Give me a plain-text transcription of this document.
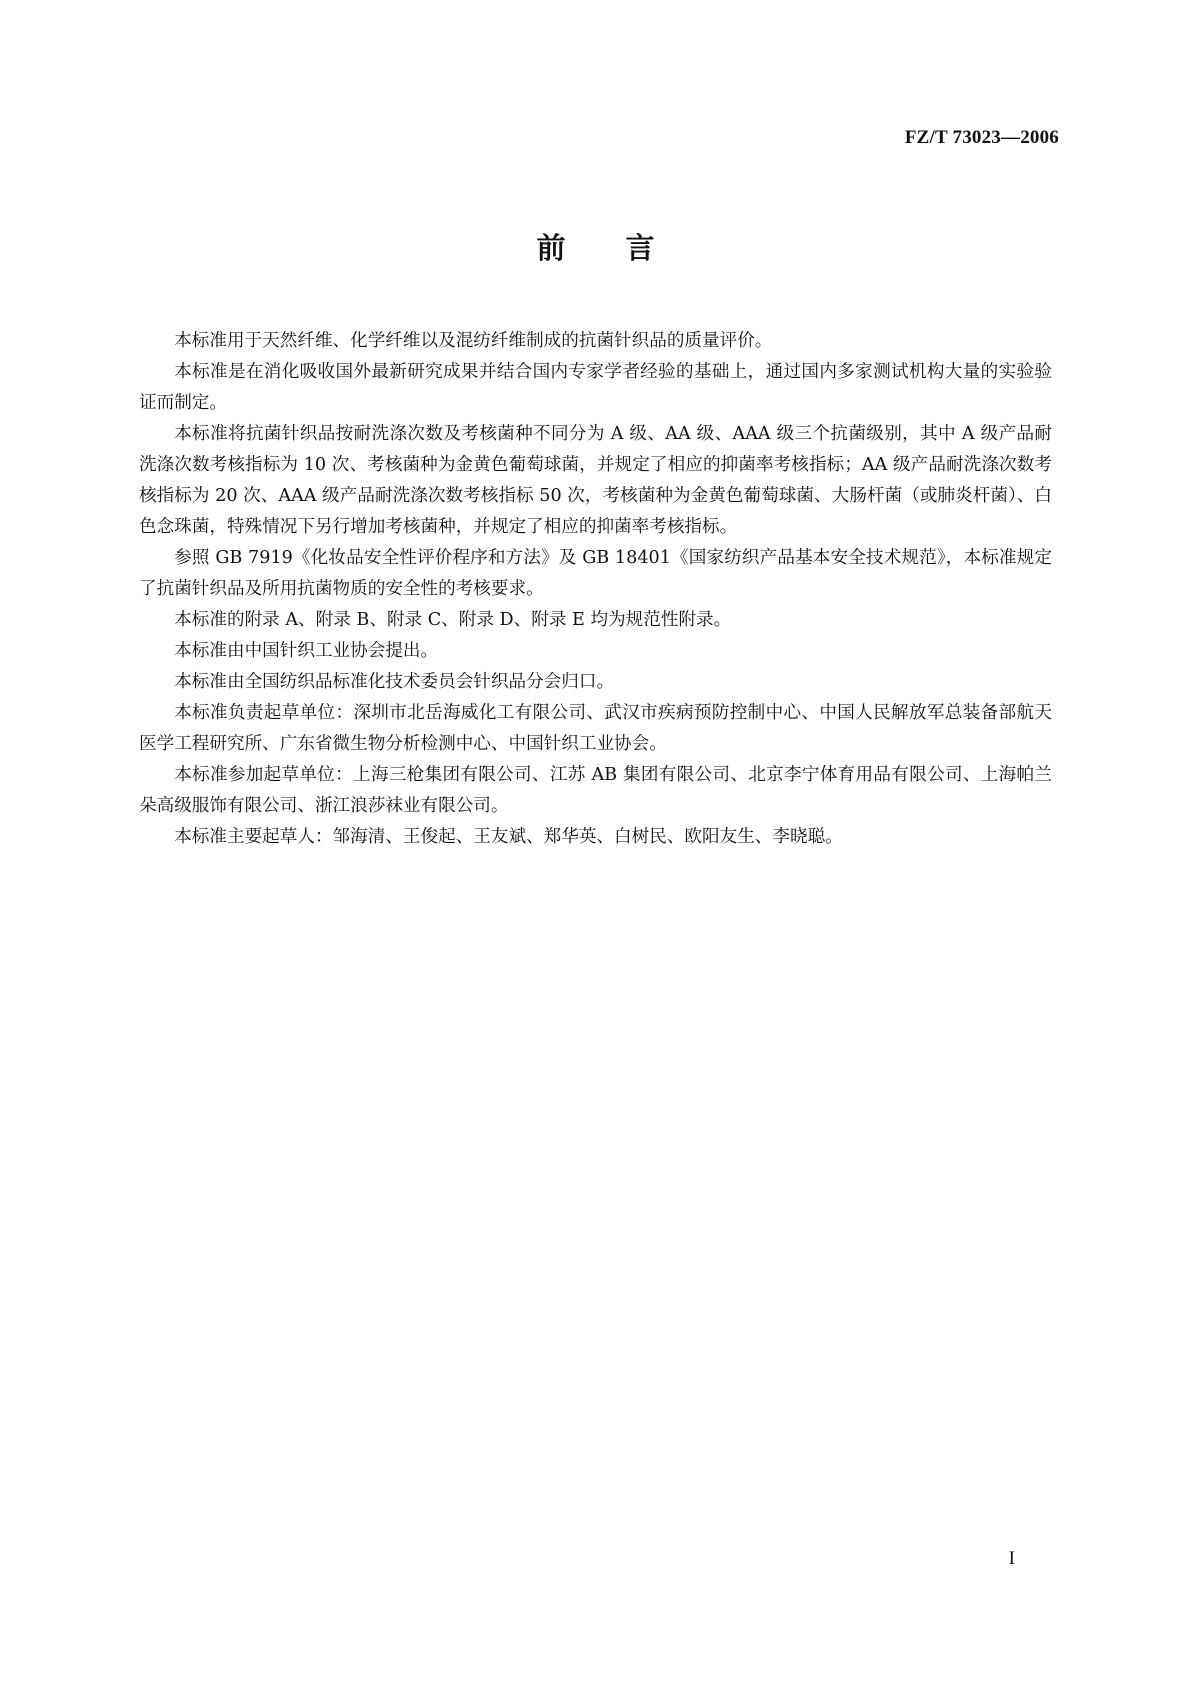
FZ/T 73023—2006
前言

本标准用于天然纤维、化学纤维以及混纺纤维制成的抗菌针织品的质量评价。

本标准是在消化吸收国外最新研究成果并结合国内专家学者经验的基础上，通过国内多家测试机构大量的实验验证而制定。

本标准将抗菌针织品按耐洗涤次数及考核菌种不同分为 A 级、AA 级、AAA 级三个抗菌级别，其中 A 级产品耐洗涤次数考核指标为 10 次、考核菌种为金黄色葡萄球菌，并规定了相应的抑菌率考核指标；AA 级产品耐洗涤次数考核指标为 20 次、AAA 级产品耐洗涤次数考核指标 50 次，考核菌种为金黄色葡萄球菌、大肠杆菌（或肺炎杆菌）、白色念珠菌，特殊情况下另行增加考核菌种，并规定了相应的抑菌率考核指标。

参照 GB 7919《化妆品安全性评价程序和方法》及 GB 18401《国家纺织产品基本安全技术规范》，本标准规定了抗菌针织品及所用抗菌物质的安全性的考核要求。

本标准的附录 A、附录 B、附录 C、附录 D、附录 E 均为规范性附录。

本标准由中国针织工业协会提出。

本标准由全国纺织品标准化技术委员会针织品分会归口。

本标准负责起草单位：深圳市北岳海威化工有限公司、武汉市疾病预防控制中心、中国人民解放军总装备部航天医学工程研究所、广东省微生物分析检测中心、中国针织工业协会。

本标准参加起草单位：上海三枪集团有限公司、江苏 AB 集团有限公司、北京李宁体育用品有限公司、上海帕兰朵高级服饰有限公司、浙江浪莎袜业有限公司。

本标准主要起草人：邹海清、王俊起、王友斌、郑华英、白树民、欧阳友生、李晓聪。

I
